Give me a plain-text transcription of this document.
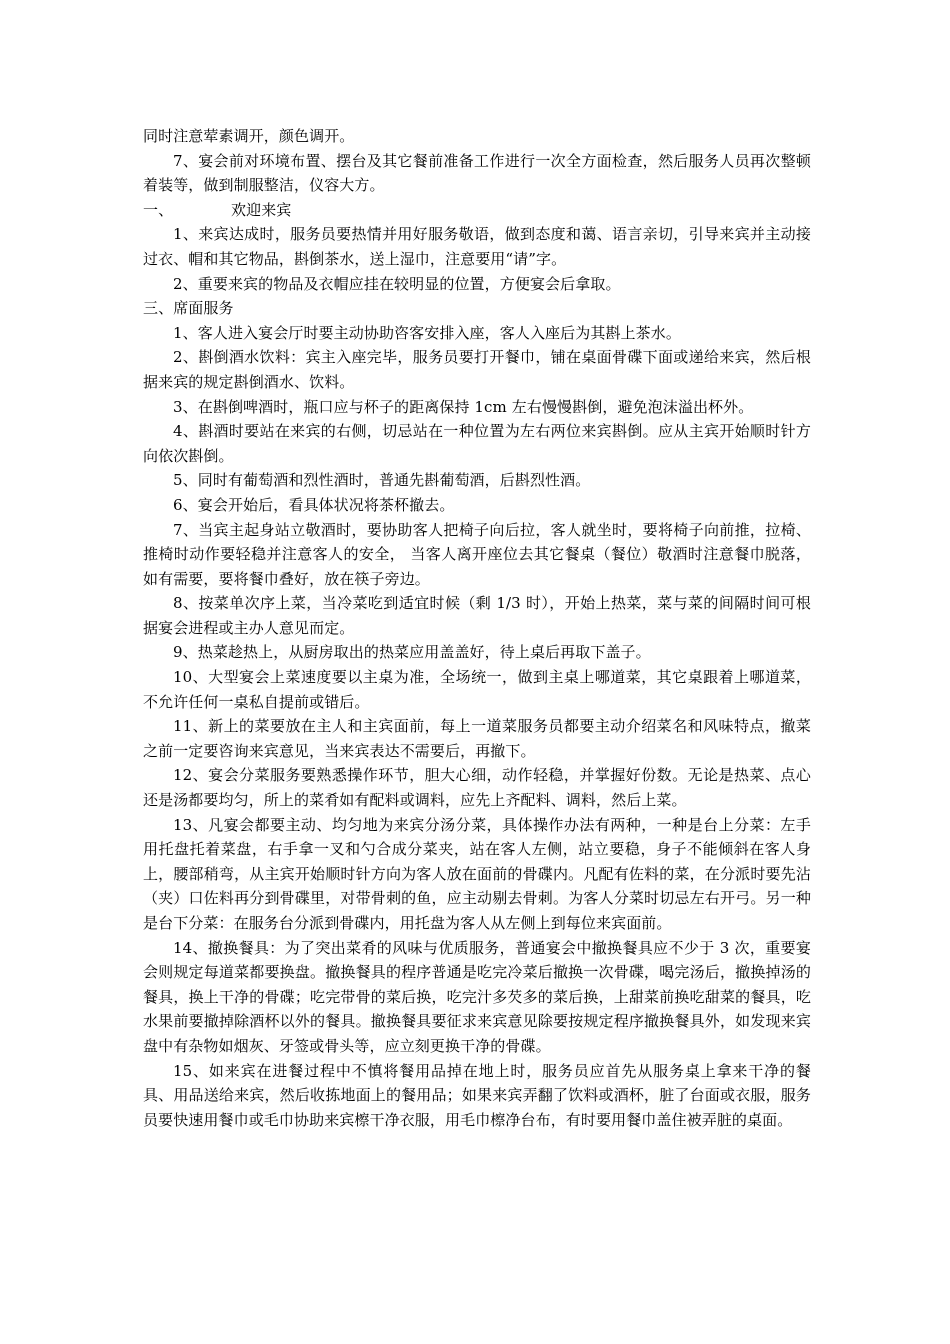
同时注意荤素调开，颜色调开。

7、宴会前对环境布置、摆台及其它餐前准备工作进行一次全方面检查，然后服务人员再次整顿着装等，做到制服整洁，仪容大方。

一、	欢迎来宾

1、来宾达成时，服务员要热情并用好服务敬语，做到态度和蔼、语言亲切，引导来宾并主动接过衣、帽和其它物品，斟倒茶水，送上湿巾，注意要用“请”字。

2、重要来宾的物品及衣帽应挂在较明显的位置，方便宴会后拿取。

三、席面服务

1、客人进入宴会厅时要主动协助咨客安排入座，客人入座后为其斟上茶水。

2、斟倒酒水饮料：宾主入座完毕，服务员要打开餐巾，铺在桌面骨碟下面或递给来宾，然后根据来宾的规定斟倒酒水、饮料。

3、在斟倒啤酒时，瓶口应与杯子的距离保持 1cm 左右慢慢斟倒，避免泡沫溢出杯外。

4、斟酒时要站在来宾的右侧，切忌站在一种位置为左右两位来宾斟倒。应从主宾开始顺时针方向依次斟倒。

5、同时有葡萄酒和烈性酒时，普通先斟葡萄酒，后斟烈性酒。

6、宴会开始后，看具体状况将茶杯撤去。

7、当宾主起身站立敬酒时，要协助客人把椅子向后拉，客人就坐时，要将椅子向前推，拉椅、推椅时动作要轻稳并注意客人的安全， 当客人离开座位去其它餐桌（餐位）敬酒时注意餐巾脱落，如有需要，要将餐巾叠好，放在筷子旁边。

8、按菜单次序上菜，当冷菜吃到适宜时候（剩 1/3 时），开始上热菜，菜与菜的间隔时间可根据宴会进程或主办人意见而定。

9、热菜趁热上，从厨房取出的热菜应用盖盖好，待上桌后再取下盖子。

10、大型宴会上菜速度要以主桌为准，全场统一，做到主桌上哪道菜，其它桌跟着上哪道菜，不允许任何一桌私自提前或错后。

11、新上的菜要放在主人和主宾面前，每上一道菜服务员都要主动介绍菜名和风味特点，撤菜之前一定要咨询来宾意见，当来宾表达不需要后，再撤下。

12、宴会分菜服务要熟悉操作环节，胆大心细，动作轻稳，并掌握好份数。无论是热菜、点心还是汤都要均匀，所上的菜肴如有配料或调料，应先上齐配料、调料，然后上菜。

13、凡宴会都要主动、均匀地为来宾分汤分菜，具体操作办法有两种，一种是台上分菜：左手用托盘托着菜盘，右手拿一叉和勺合成分菜夹，站在客人左侧，站立要稳，身子不能倾斜在客人身上，腰部稍弯，从主宾开始顺时针方向为客人放在面前的骨碟内。凡配有佐料的菜，在分派时要先沾（夹）口佐料再分到骨碟里，对带骨刺的鱼，应主动剔去骨刺。为客人分菜时切忌左右开弓。另一种是台下分菜：在服务台分派到骨碟内，用托盘为客人从左侧上到每位来宾面前。

14、撤换餐具：为了突出菜肴的风味与优质服务，普通宴会中撤换餐具应不少于 3 次，重要宴会则规定每道菜都要换盘。撤换餐具的程序普通是吃完冷菜后撤换一次骨碟，喝完汤后，撤换掉汤的餐具，换上干净的骨碟；吃完带骨的菜后换，吃完汁多芡多的菜后换，上甜菜前换吃甜菜的餐具，吃水果前要撤掉除酒杯以外的餐具。撤换餐具要征求来宾意见除要按规定程序撤换餐具外，如发现来宾盘中有杂物如烟灰、牙签或骨头等，应立刻更换干净的骨碟。

15、如来宾在进餐过程中不慎将餐用品掉在地上时，服务员应首先从服务桌上拿来干净的餐具、用品送给来宾，然后收拣地面上的餐用品；如果来宾弄翻了饮料或酒杯，脏了台面或衣服，服务员要快速用餐巾或毛巾协助来宾檫干净衣服，用毛巾檫净台布，有时要用餐巾盖住被弄脏的桌面。
